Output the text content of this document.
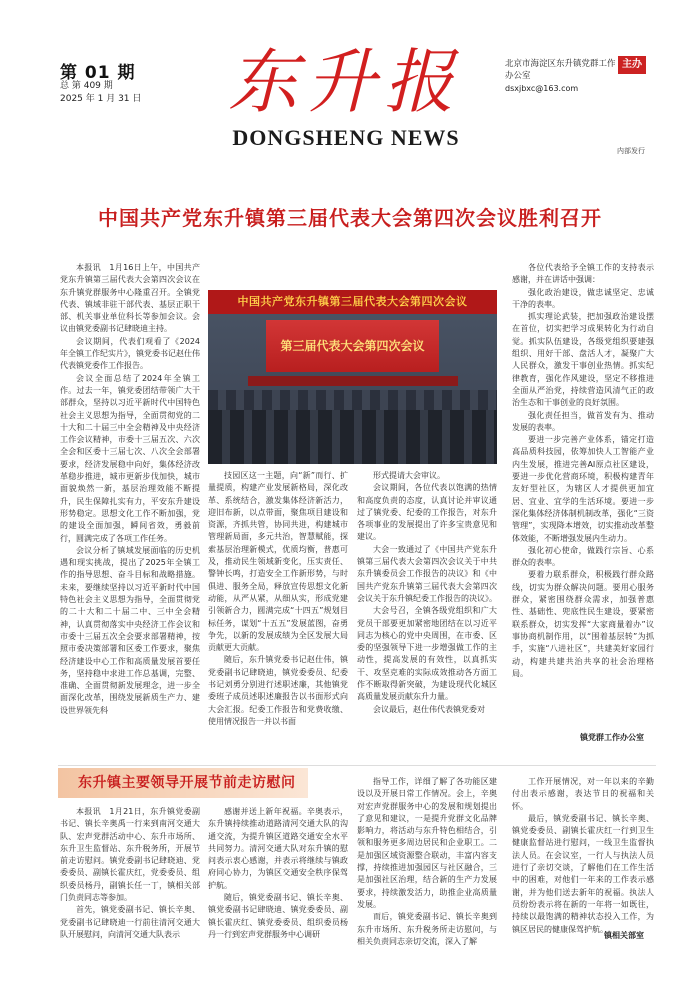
第 01 期
总 第 409 期
2025 年 1 月 31 日 东升报
DONGSHENG NEWS
北京市海淀区东升镇党群工作办公室
主办
dsxjbxc@163.com
内部发行
中国共产党东升镇第三届代表大会第四次会议胜利召开

本报讯　1月16日上午，中国共产党东升镇第三届代表大会第四次会议在东升镇党群服务中心隆重召开。全镇党代表、镇域非驻干部代表、基层正职干部、机关事业单位科长等参加会议。会议由镇党委副书记肆晓迪主持。

会议期间，代表们观看了《2024年全镇工作纪实片》，镇党委书记赵仕伟代表镇党委作工作报告。

会议全面总结了2024年全镇工作。过去一年，镇党委团结带领广大干部群众，坚持以习近平新时代中国特色社会主义思想为指导，全面贯彻党的二十大和二十届三中全会精神及中央经济工作会议精神，市委十三届五次、六次全会和区委十三届七次、八次全会部署要求，经济发展稳中向好，集体经济改革稳步推进，城市更新步伐加快，城市面貌焕然一新，基层治理效能不断提升，民生保障扎实有力，平安东升建设形势稳定。思想文化工作不断加强，党的建设全面加强，瞬间省效，勇毅前行，圆满完成了各项工作任务。

会议分析了镇域发展面临的历史机遇和现实挑战，提出了2025年全镇工作的指导思想、奋斗目标和战略措施。未来，要继续坚持以习近平新时代中国特色社会主义思想为指导，全面贯彻党的二十大和二十届二中、三中全会精神，认真贯彻落实中央经济工作会议和市委十三届五次全会要求部署精神，按照市委决策部署和区委工作要求，聚焦经济建设中心工作和高质量发展首要任务，坚持稳中求进工作总基调，完整、准确、全面贯彻新发展理念，进一步全面深化改革，围绕发展新质生产力、建设世界领先科

中国共产党东升镇第三届代表大会第四次会议
第三届代表大会第四次会议

技园区这一主题，向“新”而行、扩量提质，构建产业发展新格局，深化改革、系统结合，激发集体经济新活力，迎旧布新，以点带面，聚焦项目建设和资源，齐抓共管，协同共进，构建城市管理新局面，多元共治，智慧赋能，探索基层治理新模式，优质均衡，普惠可及，推动民生领域新变化，压实责任、警钟长鸣，打造安全工作新形势，与时俱进、服务全局，释放宣传思想文化新动能，从严从紧，从细从实，形成党建引领新合力，圆满完成“十四五”规划目标任务，谋划“十五五”发展蓝图，奋勇争先，以新的发展成绩为全区发展大局贡献更大贡献。

随后，东升镇党委书记赵仕伟，镇党委副书记肆晓迪，镇党委委员、纪委书记刘勇分别进行述职述廉，其他镇党委班子成员述职述廉报告以书面形式向大会汇报。纪委工作报告和党费收缴、使用情况报告一并以书面

形式提请大会审议。

会议期间，各位代表以饱满的热情和高度负责的态度，认真讨论并审议通过了镇党委、纪委的工作报告，对东升各项事业的发展提出了许多宝贵意见和建议。

大会一致通过了《中国共产党东升镇第三届代表大会第四次会议关于中共东升镇委员会工作报告的决议》和《中国共产党东升镇第三届代表大会第四次会议关于东升镇纪委工作报告的决议》。

大会号召，全镇各级党组织和广大党员干部要更加紧密地团结在以习近平同志为核心的党中央周围，在市委、区委的坚强领导下进一步增强做工作的主动性，提高发展的有效性，以真抓实干、攻坚克难的实际成效推动各方面工作不断取得新突破，为建设现代化城区高质量发展贡献东升力量。

会议最后，赵仕伟代表镇党委对

各位代表给予全镇工作的支持表示感谢，并在讲话中强调：

强化政治建设，做忠诚坚定、忠诚干净的表率。

抓实理论武装，把加强政治建设摆在首位，切实把学习成果转化为行动自觉。抓实队伍建设，各级党组织要建强组织、用好干部、盘活人才，凝聚广大人民群众，激发干事创业热情。抓实纪律教育，强化作风建设，坚定不移推进全面从严治党，持续营造风清气正的政治生态和干事创业的良好氛围。

强化责任担当，做首发有为、推动发展的表率。

要进一步完善产业体系，锚定打造高品质科技园，依筹加快人工智能产业内生发展，推进完善AI原点社区建设，要进一步优化营商环境，积极构建青年友好型社区，为辖区人才提供更加宜居、宜业、宜学的生活环境。要进一步深化集体经济体制机制改革，强化“三资管理”，实现降本增效，切实推动改革整体效能，不断增强发展内生动力。

强化初心使命，做践行宗旨、心系群众的表率。

要着力联系群众，积极践行群众路线，切实为群众解决问题。要用心服务群众，紧密围绕群众需求，加强普惠性、基础性、兜底性民生建设，要紧密联系群众，切实发挥“大家商量着办”议事协商机制作用，以“围着基层转”为抓手，实施“八进社区”，共建美好家园行动，构建共建共治共享的社会治理格局。

镇党群工作办公室
东升镇主要领导开展节前走访慰问

本报讯　1月21日，东升镇党委副书记、镇长辛奥禹一行来到南河交通大队、宏声党群活动中心、东升市场所、东升卫生监督站、东升税务所，开展节前走访慰问。镇党委副书记肆晓迪、党委委员、副镇长霍庆红，党委委员、组织委员杨丹，副镇长任一丁，镇相关部门负责同志等参加。

首先，镇党委副书记、镇长辛奥、党委副书记肆晓迪一行前往清河交通大队开展慰问，向清河交通大队表示

感谢并送上新年祝福。辛奥表示，东升镇持续推动道路清河交通大队的沟通交流，为提升镇区道路交通安全水平共同努力。清河交通大队对东升镇的慰问表示衷心感谢，并表示将继续与镇政府同心协力，为镇区交通安全秩序保驾护航。

随后，镇党委副书记、镇长辛奥、镇党委副书记肆晓迪、镇党委委员、副镇长霍庆红、镇党委委员、组织委员杨丹一行到宏声党群服务中心调研

指导工作，详细了解了各功能区建设以及开展日常工作情况。会上，辛奥对宏声党群服务中心的发展和规划提出了意见和建议，一是提升党群文化品牌影响力，将活动与东升特色相结合，引领和服务更多周边居民和企业职工。二是加强区域资源整合联动，丰富内容支撑，持续推进加强园区与社区融合，三是加强社区治理，结合新的生产力发展要求，持续激发活力，助推企业高质量发展。

而后，镇党委副书记、镇长辛奥到东升市场所、东升税务所走访慰问，与相关负责同志亲切交流，深入了解

工作开展情况，对一年以来的辛勤付出表示感谢，表达节日的祝福和关怀。

最后，镇党委副书记、镇长辛奥、镇党委委员、副镇长霍庆红一行到卫生健康监督站进行慰问，一线卫生监督执法人员。在会议室，一行人与执法人员进行了亲切交谈，了解他们在工作生活中的困难，对他们一年来的工作表示感谢，并为他们送去新年的祝福。执法人员纷纷表示将在新的一年将一如既往，持续以最饱满的精神状态投入工作，为镇区居民的健康保驾护航。

镇相关部室
